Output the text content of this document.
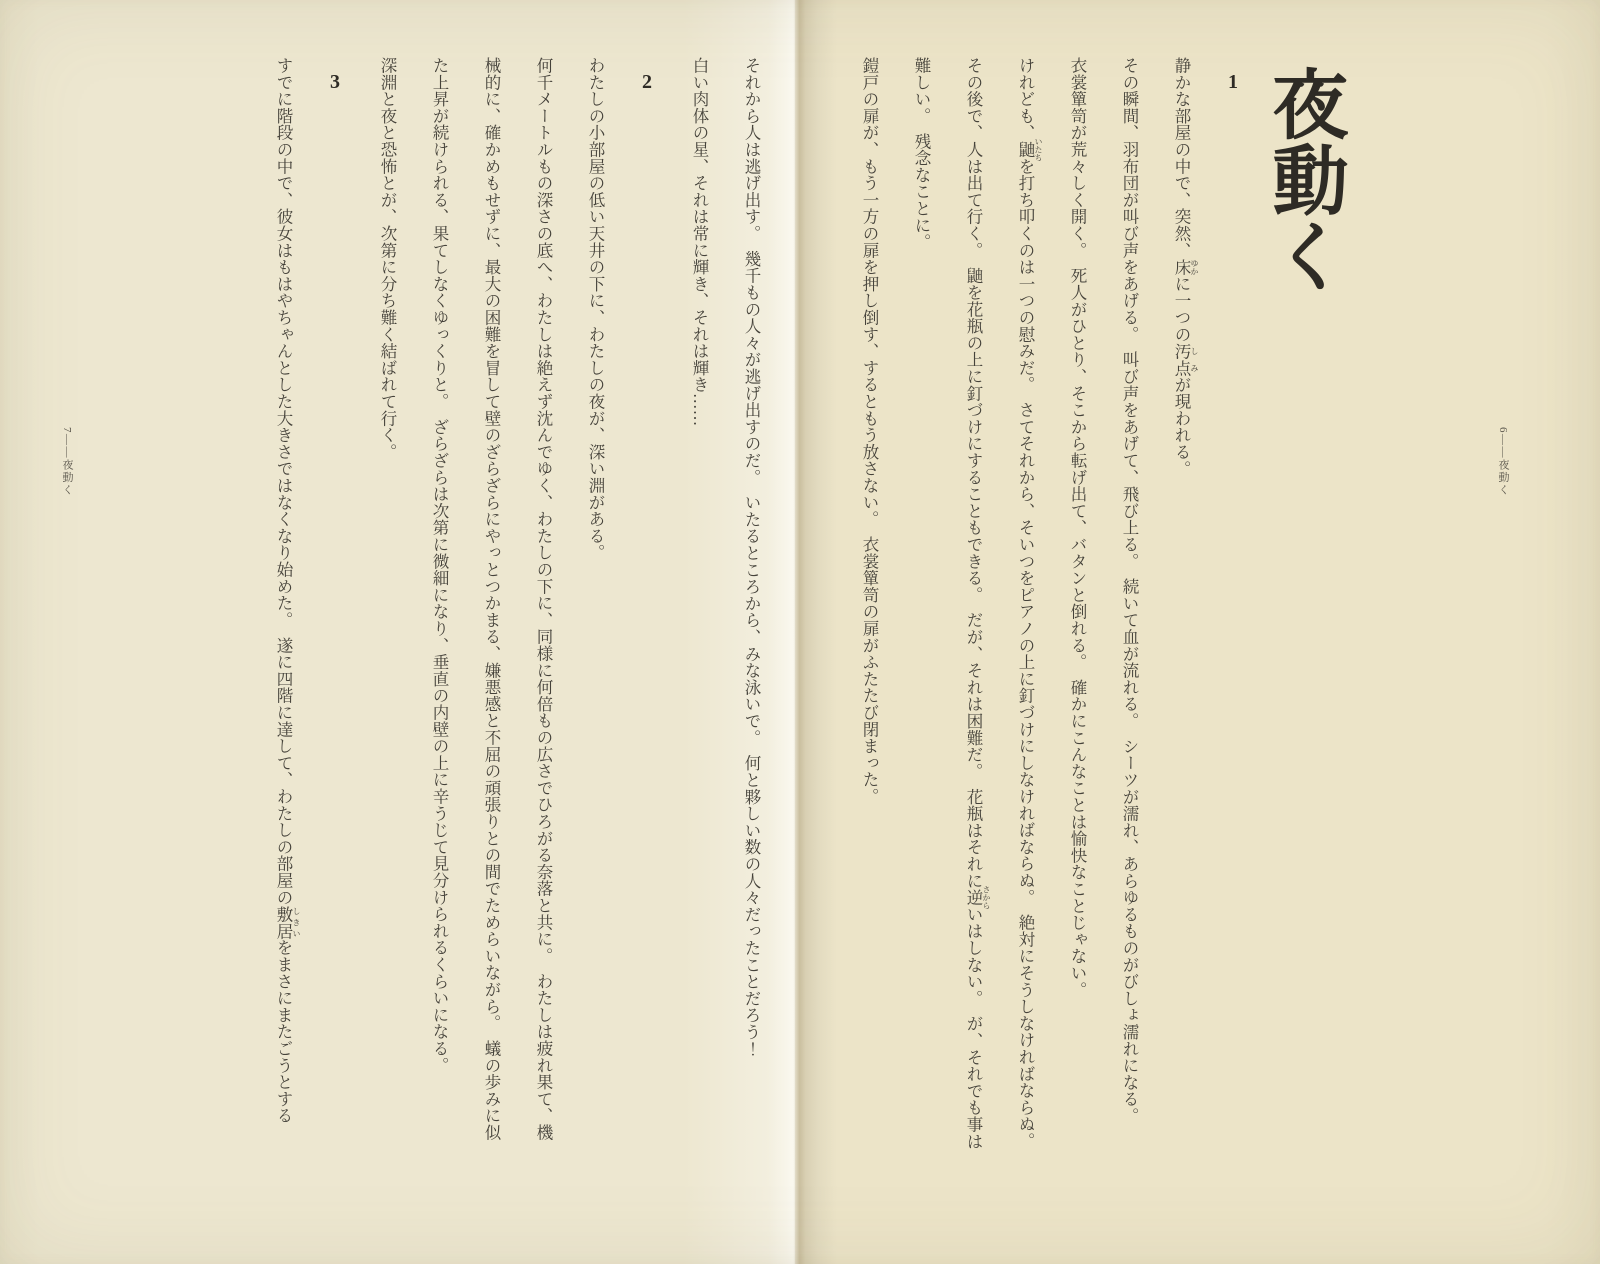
7――夜動く	6――夜動く
夜動く
1

静かな部屋の中で、突然、床 ゆかに一つの汚点 しみが現われる。

その瞬間、羽布団が叫び声をあげる。　叫び声をあげて、飛び上る。　続いて血が流れる。　シーツが濡れ、あらゆるものがびしょ濡れになる。

衣裳簞笥が荒々しく開く。　死人がひとり、そこから転げ出て、バタンと倒れる。　確かにこんなことは愉快なことじゃない。

けれども、鼬 いたちを打ち叩くのは一つの慰みだ。　さてそれから、そいつをピアノの上に釘づけにしなければならぬ。　絶対にそうしなければならぬ。　その後で、人は出て行く。　鼬を花瓶の上に釘づけにすることもできる。　だが、それは困難だ。　花瓶はそれに逆 さからいはしない。　が、それでも事は難しい。　残念なことに。

鎧戸の扉が、もう一方の扉を押し倒す、するともう放さない。　衣裳簞笥の扉がふたたび閉まった。

それから人は逃げ出す。　幾千もの人々が逃げ出すのだ。　いたるところから、みな泳いで。　何と夥しい数の人々だったことだろう！

白い肉体の星、それは常に輝き、それは輝き……

2

わたしの小部屋の低い天井の下に、わたしの夜が、深い淵がある。

何千メートルもの深さの底へ、わたしは絶えず沈んでゆく、わたしの下に、同様に何倍もの広さでひろがる奈落と共に。　わたしは疲れ果て、機械的に、確かめもせずに、最大の困難を冒して壁のざらざらにやっとつかまる、嫌悪感と不屈の頑張りとの間でためらいながら。　蟻の歩みに似た上昇が続けられる、果てしなくゆっくりと。　ざらざらは次第に微細になり、垂直の内壁の上に辛うじて見分けられるくらいになる。

深淵と夜と恐怖とが、次第に分ち難く結ばれて行く。

3

すでに階段の中で、彼女はもはやちゃんとした大きさではなくなり始めた。　遂に四階に達して、わたしの部屋の敷居 しきいをまさにまたごうとする
